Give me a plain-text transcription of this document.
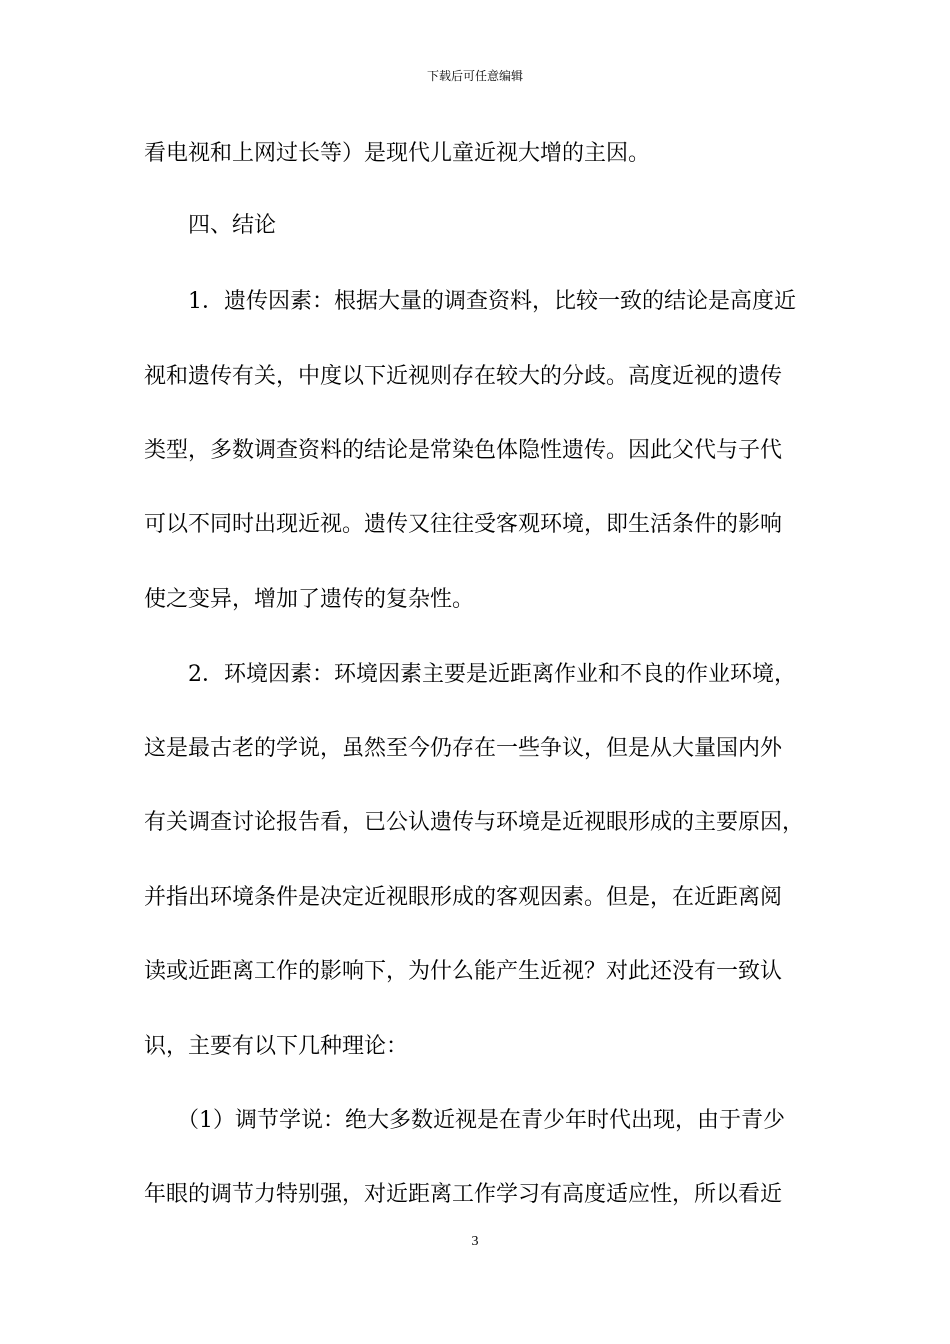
下载后可任意编辑
看电视和上网过长等）是现代儿童近视大增的主因。
　　四、结论
　　1．遗传因素：根据大量的调查资料，比较一致的结论是高度近
视和遗传有关，中度以下近视则存在较大的分歧。高度近视的遗传
类型，多数调查资料的结论是常染色体隐性遗传。因此父代与子代
可以不同时出现近视。遗传又往往受客观环境，即生活条件的影响
使之变异，增加了遗传的复杂性。
　　2．环境因素：环境因素主要是近距离作业和不良的作业环境，
这是最古老的学说，虽然至今仍存在一些争议，但是从大量国内外
有关调查讨论报告看，已公认遗传与环境是近视眼形成的主要原因，
并指出环境条件是决定近视眼形成的客观因素。但是，在近距离阅
读或近距离工作的影响下，为什么能产生近视？对此还没有一致认
识，主要有以下几种理论：
　　（1）调节学说：绝大多数近视是在青少年时代出现，由于青少
年眼的调节力特别强，对近距离工作学习有高度适应性，所以看近
3
